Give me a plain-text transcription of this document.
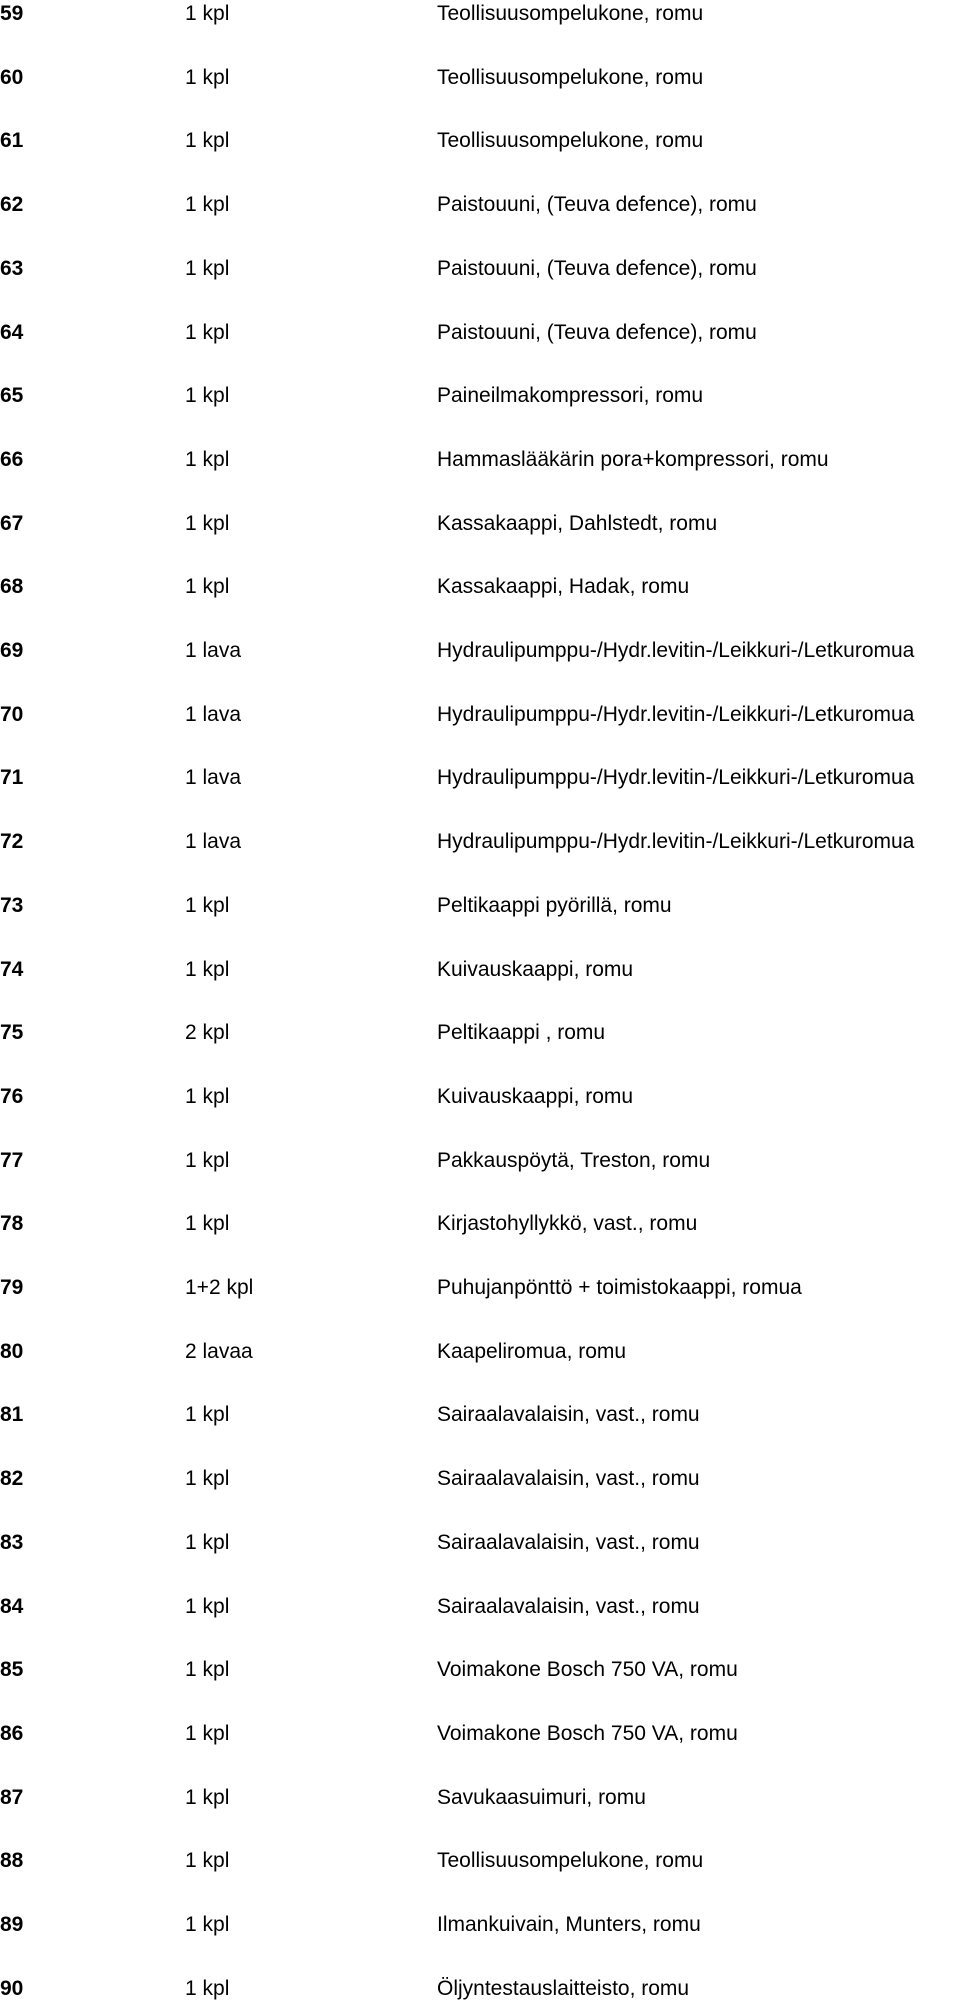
59	1 kpl	Teollisuusompelukone, romu
60	1 kpl	Teollisuusompelukone, romu
61	1 kpl	Teollisuusompelukone, romu
62	1 kpl	Paistouuni, (Teuva defence), romu
63	1 kpl	Paistouuni, (Teuva defence), romu
64	1 kpl	Paistouuni, (Teuva defence), romu
65	1 kpl	Paineilmakompressori, romu
66	1 kpl	Hammaslääkärin pora+kompressori, romu
67	1 kpl	Kassakaappi, Dahlstedt, romu
68	1 kpl	Kassakaappi, Hadak, romu
69	1 lava	Hydraulipumppu-/Hydr.levitin-/Leikkuri-/Letkuromua
70	1 lava	Hydraulipumppu-/Hydr.levitin-/Leikkuri-/Letkuromua
71	1 lava	Hydraulipumppu-/Hydr.levitin-/Leikkuri-/Letkuromua
72	1 lava	Hydraulipumppu-/Hydr.levitin-/Leikkuri-/Letkuromua
73	1 kpl	Peltikaappi pyörillä, romu
74	1 kpl	Kuivauskaappi, romu
75	2 kpl	Peltikaappi , romu
76	1 kpl	Kuivauskaappi, romu
77	1 kpl	Pakkauspöytä, Treston, romu
78	1 kpl	Kirjastohyllykkö, vast., romu
79	1+2 kpl	Puhujanpönttö + toimistokaappi, romua
80	2 lavaa	Kaapeliromua, romu
81	1 kpl	Sairaalavalaisin, vast., romu
82	1 kpl	Sairaalavalaisin, vast., romu
83	1 kpl	Sairaalavalaisin, vast., romu
84	1 kpl	Sairaalavalaisin, vast., romu
85	1 kpl	Voimakone Bosch 750 VA, romu
86	1 kpl	Voimakone Bosch 750 VA, romu
87	1 kpl	Savukaasuimuri, romu
88	1 kpl	Teollisuusompelukone, romu
89	1 kpl	Ilmankuivain, Munters, romu
90	1 kpl	Öljyntestauslaitteisto, romu
